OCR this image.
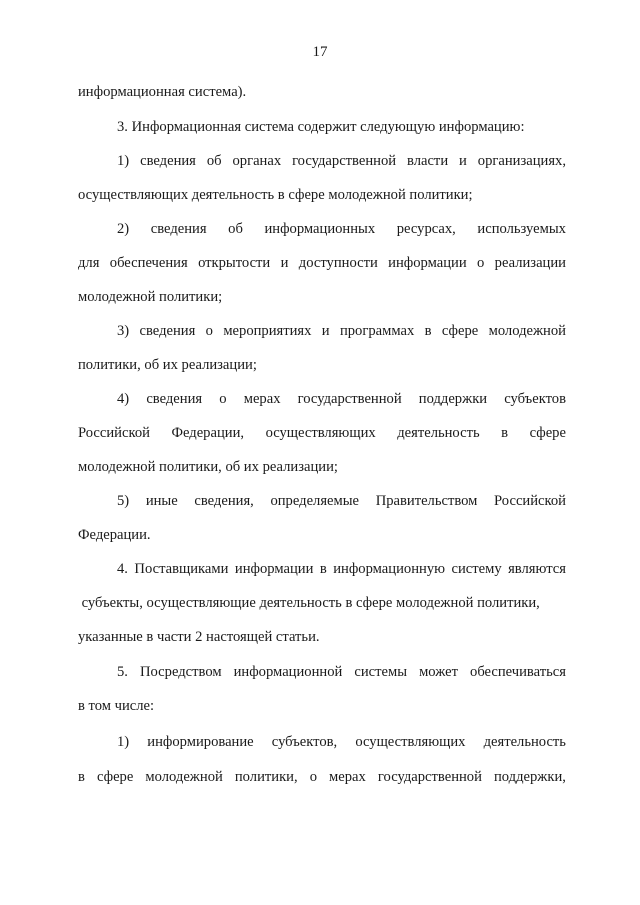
17
информационная система).
3. Информационная система содержит следующую информацию:
1) сведения об органах государственной власти и организациях,
осуществляющих деятельность в сфере молодежной политики;
2) сведения об информационных ресурсах, используемых
для обеспечения открытости и доступности информации о реализации
молодежной политики;
3) сведения о мероприятиях и программах в сфере молодежной
политики, об их реализации;
4) сведения о мерах государственной поддержки субъектов
Российской Федерации, осуществляющих деятельность в сфере
молодежной политики, об их реализации;
5) иные сведения, определяемые Правительством Российской
Федерации.
4. Поставщиками информации в информационную систему являются
субъекты, осуществляющие деятельность в сфере молодежной политики,
указанные в части 2 настоящей статьи.
5. Посредством информационной системы может обеспечиваться
в том числе:
1) информирование субъектов, осуществляющих деятельность
в сфере молодежной политики, о мерах государственной поддержки,
